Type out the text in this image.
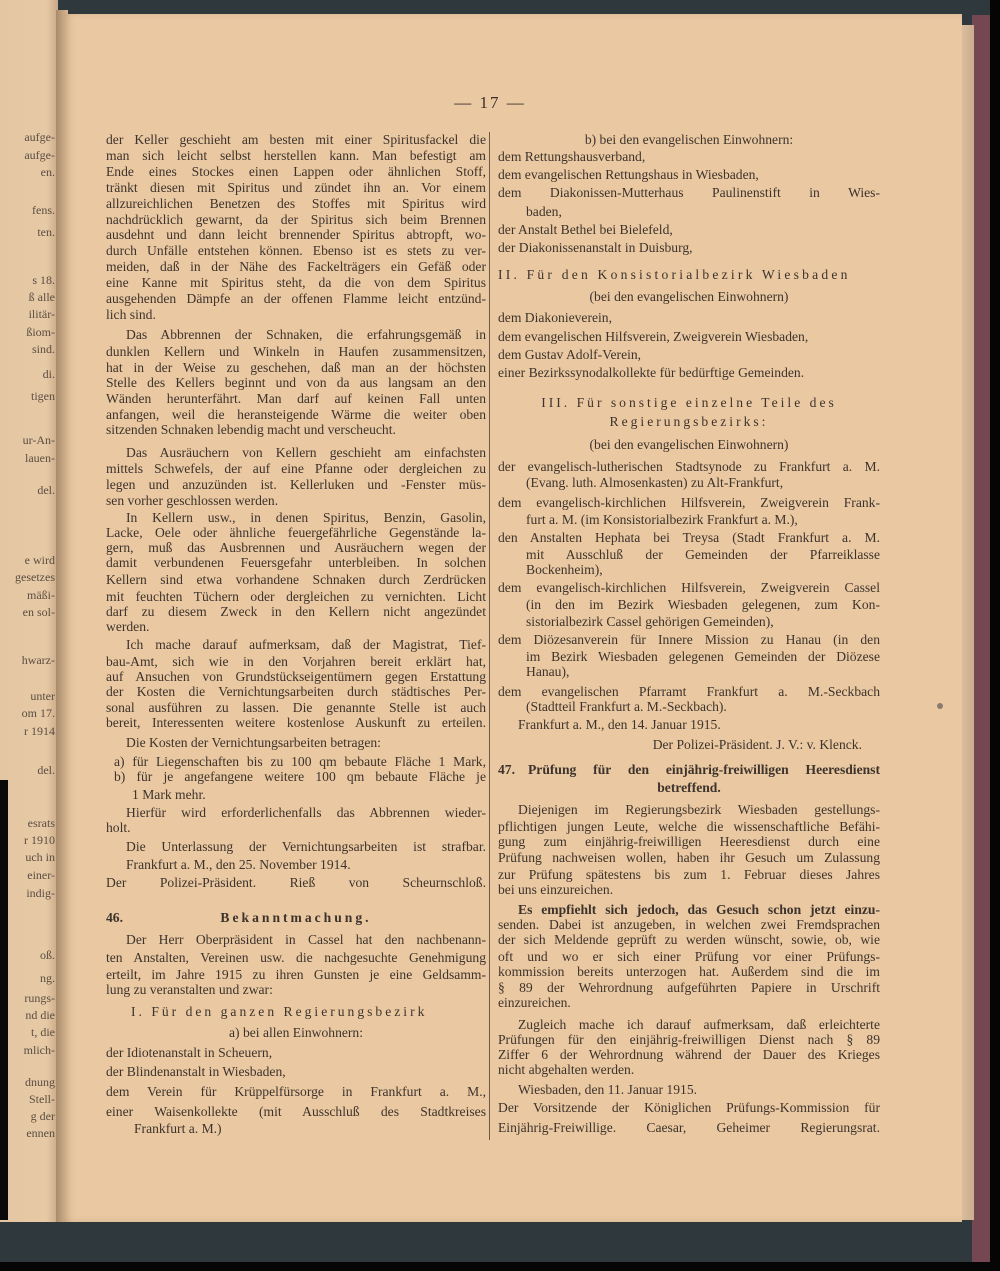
aufge-
aufge-
en.
fens.
ten.
s 18.
ß alle
ilitär-
ßiom-
sind.
di.
tigen
ur-An-
lauen-
del.
e wird
gesetzes
mäßi-
en sol-
hwarz-
unter
om 17.
r 1914
del.
esrats
r 1910
uch in
einer-
indig-
oß.
ng.
rungs-
nd die
t, die
mlich-
dnung
Stell-
g der
ennen
— 17 —
der Keller geschieht am besten mit einer Spiritusfackel die
man sich leicht selbst herstellen kann. Man befestigt am
Ende eines Stockes einen Lappen oder ähnlichen Stoff,
tränkt diesen mit Spiritus und zündet ihn an. Vor einem
allzureichlichen Benetzen des Stoffes mit Spiritus wird
nachdrücklich gewarnt, da der Spiritus sich beim Brennen
ausdehnt und dann leicht brennender Spiritus abtropft, wo-
durch Unfälle entstehen können. Ebenso ist es stets zu ver-
meiden, daß in der Nähe des Fackelträgers ein Gefäß oder
eine Kanne mit Spiritus steht, da die von dem Spiritus
ausgehenden Dämpfe an der offenen Flamme leicht entzünd-
lich sind.
Das Abbrennen der Schnaken, die erfahrungsgemäß in
dunklen Kellern und Winkeln in Haufen zusammensitzen,
hat in der Weise zu geschehen, daß man an der höchsten
Stelle des Kellers beginnt und von da aus langsam an den
Wänden herunterfährt. Man darf auf keinen Fall unten
anfangen, weil die heransteigende Wärme die weiter oben
sitzenden Schnaken lebendig macht und verscheucht.
Das Ausräuchern von Kellern geschieht am einfachsten
mittels Schwefels, der auf eine Pfanne oder dergleichen zu
legen und anzuzünden ist. Kellerluken und -Fenster müs-
sen vorher geschlossen werden.
In Kellern usw., in denen Spiritus, Benzin, Gasolin,
Lacke, Oele oder ähnliche feuergefährliche Gegenstände la-
gern, muß das Ausbrennen und Ausräuchern wegen der
damit verbundenen Feuersgefahr unterbleiben. In solchen
Kellern sind etwa vorhandene Schnaken durch Zerdrücken
mit feuchten Tüchern oder dergleichen zu vernichten. Licht
darf zu diesem Zweck in den Kellern nicht angezündet
werden.
Ich mache darauf aufmerksam, daß der Magistrat, Tief-
bau-Amt, sich wie in den Vorjahren bereit erklärt hat,
auf Ansuchen von Grundstückseigentümern gegen Erstattung
der Kosten die Vernichtungsarbeiten durch städtisches Per-
sonal ausführen zu lassen. Die genannte Stelle ist auch
bereit, Interessenten weitere kostenlose Auskunft zu erteilen.
Die Kosten der Vernichtungsarbeiten betragen:
a) für Liegenschaften bis zu 100 qm bebaute Fläche 1 Mark,
b) für je angefangene weitere 100 qm bebaute Fläche je
1 Mark mehr.
Hierfür wird erforderlichenfalls das Abbrennen wieder-
holt.
Die Unterlassung der Vernichtungsarbeiten ist strafbar.
Frankfurt a. M., den 25. November 1914.
Der Polizei-Präsident. Rieß von Scheurnschloß.
46.	Bekanntmachung.
Der Herr Oberpräsident in Cassel hat den nachbenann-
ten Anstalten, Vereinen usw. die nachgesuchte Genehmigung
erteilt, im Jahre 1915 zu ihren Gunsten je eine Geldsamm-
lung zu veranstalten und zwar:
I. Für den ganzen Regierungsbezirk
a) bei allen Einwohnern:
der Idiotenanstalt in Scheuern,
der Blindenanstalt in Wiesbaden,
dem Verein für Krüppelfürsorge in Frankfurt a. M.,
einer Waisenkollekte (mit Ausschluß des Stadtkreises
Frankfurt a. M.)
b) bei den evangelischen Einwohnern:
dem Rettungshausverband,
dem evangelischen Rettungshaus in Wiesbaden,
dem Diakonissen-Mutterhaus Paulinenstift in Wies-
baden,
der Anstalt Bethel bei Bielefeld,
der Diakonissenanstalt in Duisburg,
II. Für den Konsistorialbezirk Wiesbaden
(bei den evangelischen Einwohnern)
dem Diakonieverein,
dem evangelischen Hilfsverein, Zweigverein Wiesbaden,
dem Gustav Adolf-Verein,
einer Bezirkssynodalkollekte für bedürftige Gemeinden.
III. Für sonstige einzelne Teile des
Regierungsbezirks:
(bei den evangelischen Einwohnern)
der evangelisch-lutherischen Stadtsynode zu Frankfurt a. M.
(Evang. luth. Almosenkasten) zu Alt-Frankfurt,
dem evangelisch-kirchlichen Hilfsverein, Zweigverein Frank-
furt a. M. (im Konsistorialbezirk Frankfurt a. M.),
den Anstalten Hephata bei Treysa (Stadt Frankfurt a. M.
mit Ausschluß der Gemeinden der Pfarreiklasse
Bockenheim),
dem evangelisch-kirchlichen Hilfsverein, Zweigverein Cassel
(in den im Bezirk Wiesbaden gelegenen, zum Kon-
sistorialbezirk Cassel gehörigen Gemeinden),
dem Diözesanverein für Innere Mission zu Hanau (in den
im Bezirk Wiesbaden gelegenen Gemeinden der Diözese
Hanau),
dem evangelischen Pfarramt Frankfurt a. M.-Seckbach
(Stadtteil Frankfurt a. M.-Seckbach).
Frankfurt a. M., den 14. Januar 1915.
Der Polizei-Präsident. J. V.: v. Klenck.
47. Prüfung für den einjährig-freiwilligen Heeresdienst
betreffend.
Diejenigen im Regierungsbezirk Wiesbaden gestellungs-
pflichtigen jungen Leute, welche die wissenschaftliche Befähi-
gung zum einjährig-freiwilligen Heeresdienst durch eine
Prüfung nachweisen wollen, haben ihr Gesuch um Zulassung
zur Prüfung spätestens bis zum 1. Februar dieses Jahres
bei uns einzureichen.
Es empfiehlt sich jedoch, das Gesuch schon jetzt einzu-
senden. Dabei ist anzugeben, in welchen zwei Fremdsprachen
der sich Meldende geprüft zu werden wünscht, sowie, ob, wie
oft und wo er sich einer Prüfung vor einer Prüfungs-
kommission bereits unterzogen hat. Außerdem sind die im
§ 89 der Wehrordnung aufgeführten Papiere in Urschrift
einzureichen.
Zugleich mache ich darauf aufmerksam, daß erleichterte
Prüfungen für den einjährig-freiwilligen Dienst nach § 89
Ziffer 6 der Wehrordnung während der Dauer des Krieges
nicht abgehalten werden.
Wiesbaden, den 11. Januar 1915.
Der Vorsitzende der Königlichen Prüfungs-Kommission für
Einjährig-Freiwillige. Caesar, Geheimer Regierungsrat.
